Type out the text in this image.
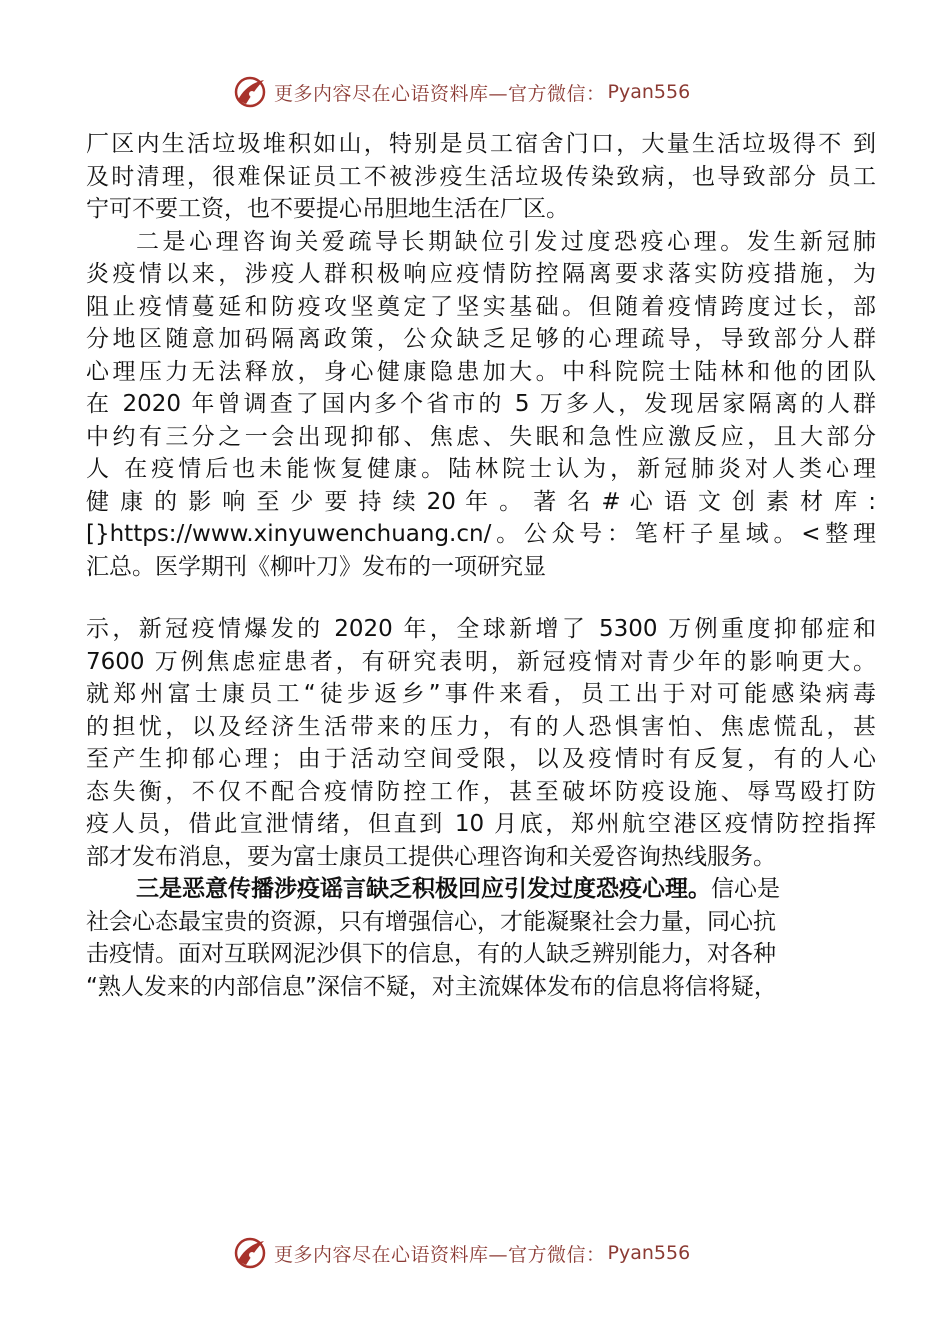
更多内容尽在心语资料库—官方微信： Pyan556
厂区内生活垃圾堆积如山，特别是员工宿舍门口，大量生活垃圾得不 到
及时清理，很难保证员工不被涉疫生活垃圾传染致病，也导致部分 员工
宁可不要工资，也不要提心吊胆地生活在厂区。
二是心理咨询关爱疏导长期缺位引发过度恐疫心理。发生新冠肺
炎疫情以来，涉疫人群积极响应疫情防控隔离要求落实防疫措施，为
阻止疫情蔓延和防疫攻坚奠定了坚实基础。但随着疫情跨度过长，部
分地区随意加码隔离政策，公众缺乏足够的心理疏导，导致部分人群
心理压力无法释放，身心健康隐患加大。中科院院士陆林和他的团队
在 2020 年曾调查了国内多个省市的 5 万多人，发现居家隔离的人群
中约有三分之一会出现抑郁、焦虑、失眠和急性应激反应，且大部分
人 在疫情后也未能恢复健康。陆林院士认为，新冠肺炎对人类心理
健 康 的 影 响 至 少 要 持 续 20 年 。 著 名 # 心 语 文 创 素 材 库 :
[}https://www.xinyuwenchuang.cn/。公众号：笔杆子星域。<整理
汇总。医学期刊《柳叶刀》发布的一项研究显
示，新冠疫情爆发的 2020 年，全球新增了 5300 万例重度抑郁症和
7600 万例焦虑症患者，有研究表明，新冠疫情对青少年的影响更大。
就郑州富士康员工“徒步返乡”事件来看，员工出于对可能感染病毒
的担忧，以及经济生活带来的压力，有的人恐惧害怕、焦虑慌乱，甚
至产生抑郁心理；由于活动空间受限，以及疫情时有反复，有的人心
态失衡，不仅不配合疫情防控工作，甚至破坏防疫设施、辱骂殴打防
疫人员，借此宣泄情绪，但直到 10 月底，郑州航空港区疫情防控指挥
部才发布消息，要为富士康员工提供心理咨询和关爱咨询热线服务。
三是恶意传播涉疫谣言缺乏积极回应引发过度恐疫心理。信心是
社会心态最宝贵的资源，只有增强信心，才能凝聚社会力量，同心抗
击疫情。面对互联网泥沙俱下的信息，有的人缺乏辨别能力，对各种
“熟人发来的内部信息”深信不疑，对主流媒体发布的信息将信将疑，
更多内容尽在心语资料库—官方微信： Pyan556
